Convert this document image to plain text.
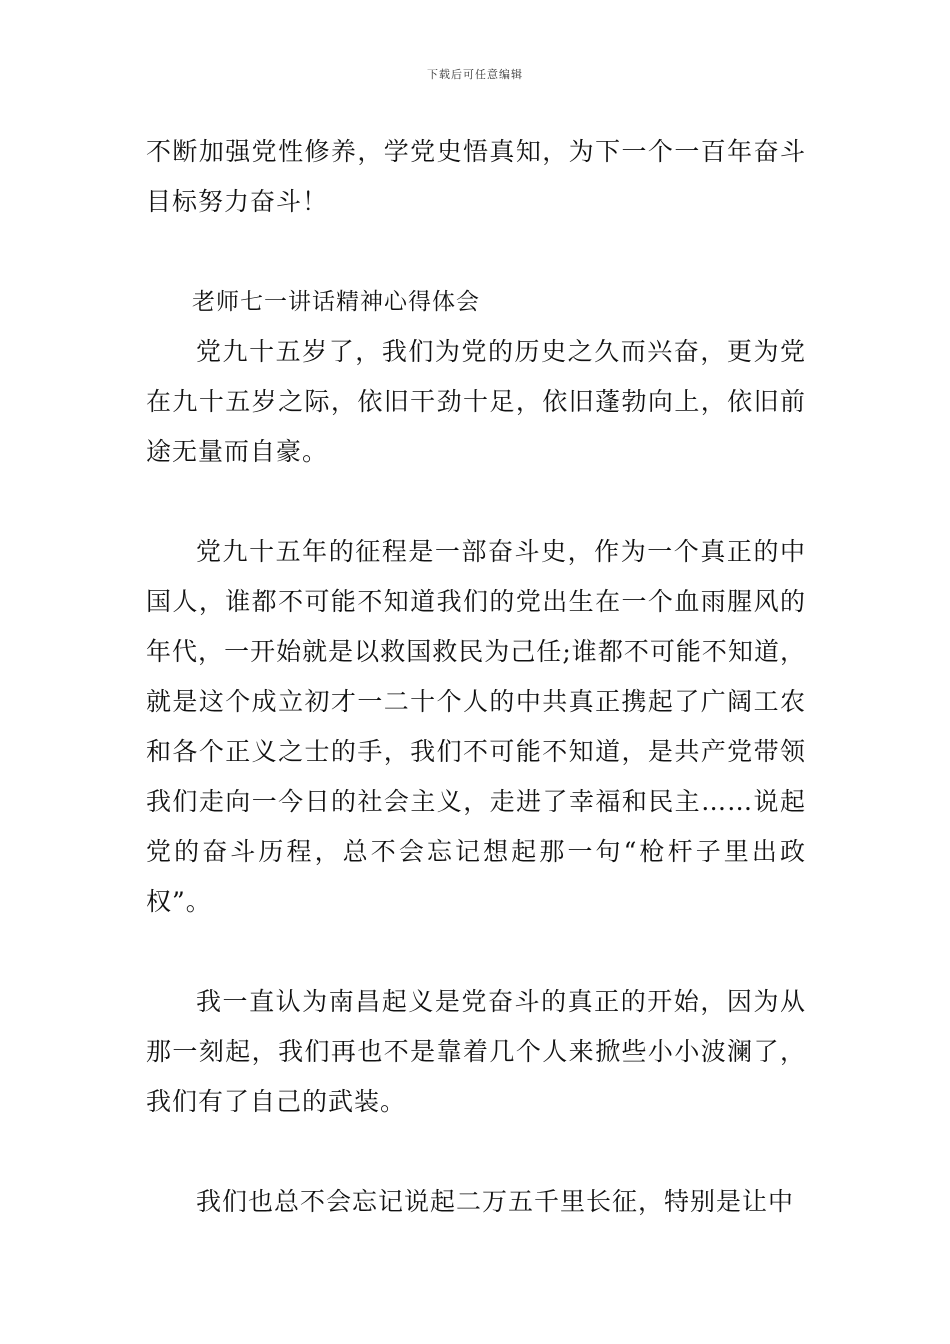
下载后可任意编辑

不断加强党性修养，学党史悟真知，为下一个一百年奋斗目标努力奋斗！

老师七一讲话精神心得体会

党九十五岁了，我们为党的历史之久而兴奋，更为党在九十五岁之际，依旧干劲十足，依旧蓬勃向上，依旧前途无量而自豪。

党九十五年的征程是一部奋斗史，作为一个真正的中国人，谁都不可能不知道我们的党出生在一个血雨腥风的年代，一开始就是以救国救民为己任;谁都不可能不知道，就是这个成立初才一二十个人的中共真正携起了广阔工农和各个正义之士的手，我们不可能不知道，是共产党带领我们走向一今日的社会主义，走进了幸福和民主……说起党的奋斗历程，总不会忘记想起那一句“枪杆子里出政权”。

我一直认为南昌起义是党奋斗的真正的开始，因为从那一刻起，我们再也不是靠着几个人来掀些小小波澜了，我们有了自己的武装。

我们也总不会忘记说起二万五千里长征，特别是让中
